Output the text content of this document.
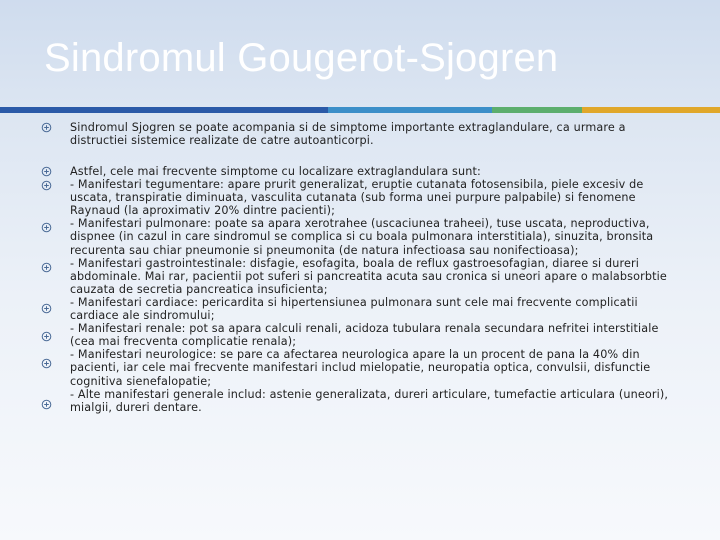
Sindromul Gougerot-Sjogren
Sindromul Sjogren se poate acompania si de simptome importante extraglandulare, ca urmare a
distructiei sistemice realizate de catre autoanticorpi.
Astfel, cele mai frecvente simptome cu localizare extraglandulara sunt:
- Manifestari tegumentare: apare prurit generalizat, eruptie cutanata fotosensibila, piele excesiv de
uscata, transpiratie diminuata, vasculita cutanata (sub forma unei purpure palpabile) si fenomene
Raynaud (la aproximativ 20% dintre pacienti);
- Manifestari pulmonare: poate sa apara xerotrahee (uscaciunea traheei), tuse uscata, neproductiva,
dispnee (in cazul in care sindromul se complica si cu boala pulmonara interstitiala), sinuzita, bronsita
recurenta sau chiar pneumonie si pneumonita (de natura infectioasa sau nonifectioasa);
- Manifestari gastrointestinale: disfagie, esofagita, boala de reflux gastroesofagian, diaree si dureri
abdominale. Mai rar, pacientii pot suferi si pancreatita acuta sau cronica si uneori apare o malabsorbtie
cauzata de secretia pancreatica insuficienta;
- Manifestari cardiace: pericardita si hipertensiunea pulmonara sunt cele mai frecvente complicatii
cardiace ale sindromului;
- Manifestari renale: pot sa apara calculi renali, acidoza tubulara renala secundara nefritei interstitiale
(cea mai frecventa complicatie renala);
- Manifestari neurologice: se pare ca afectarea neurologica apare la un procent de pana la 40% din
pacienti, iar cele mai frecvente manifestari includ mielopatie, neuropatia optica, convulsii, disfunctie
cognitiva sienefalopatie;
- Alte manifestari generale includ: astenie generalizata, dureri articulare, tumefactie articulara (uneori),
mialgii, dureri dentare.
